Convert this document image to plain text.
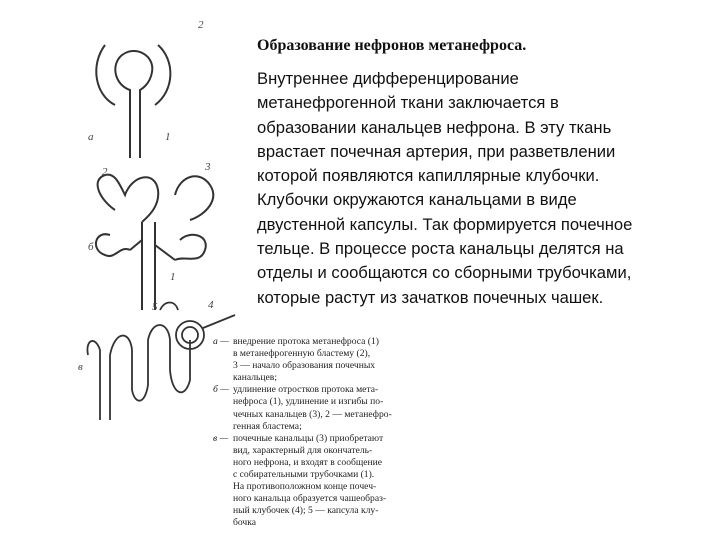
Образование нефронов метанефроса.
Внутреннее дифференцирование
метанефрогенной ткани заключается в
образовании канальцев нефрона. В эту ткань
врастает почечная артерия, при разветвлении
которой появляются капиллярные клубочки.
Клубочки окружаются канальцами в виде
двустенной капсулы. Так формируется почечное
тельце. В процессе роста канальцы делятся на
отделы и сообщаются со сборными трубочками,
которые растут из зачатков почечных чашек.
а	1
2
б
1
2	3
в
5	4
а — внедрение протока метанефроса (1)
в метанефрогенную бластему (2),
3 — начало образования почечных
канальцев;
б — удлинение отростков протока мета-
нефроса (1), удлинение и изгибы по-
чечных канальцев (3), 2 — метанефро-
генная бластема;
в — почечные канальцы (3) приобретают
вид, характерный для окончатель-
ного нефрона, и входят в сообщение
с собирательными трубочками (1).
На противоположном конце почеч-
ного канальца образуется чашеобраз-
ный клубочек (4); 5 — капсула клу-
бочка
